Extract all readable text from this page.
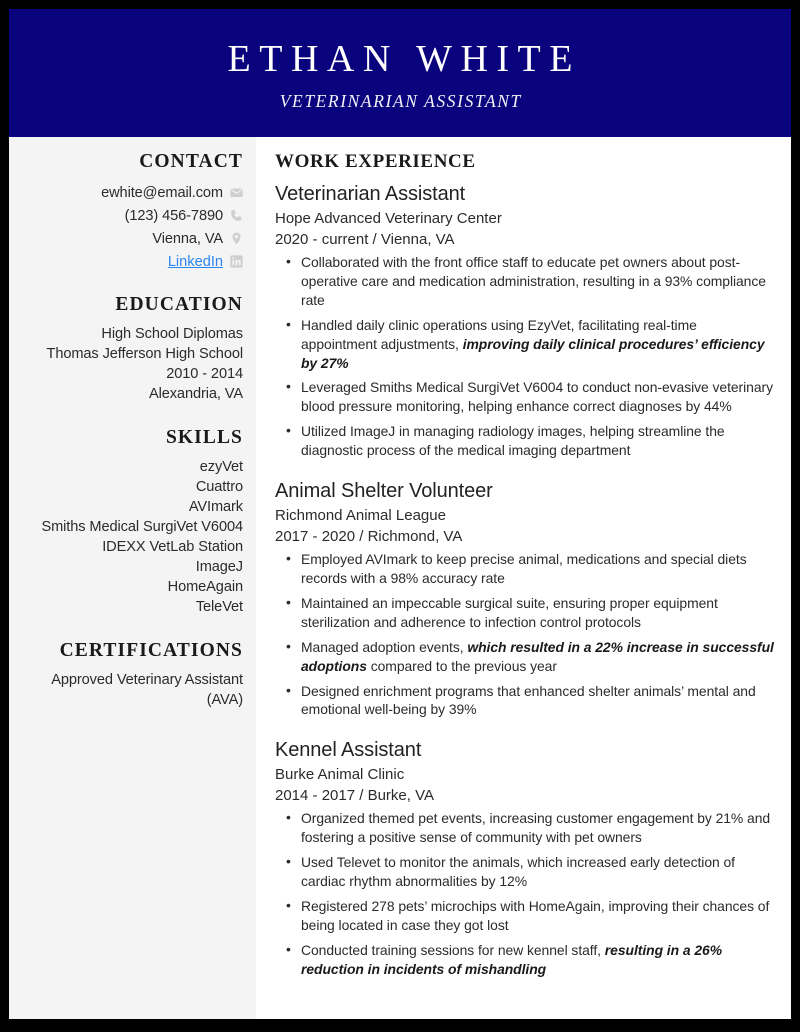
ETHAN WHITE
VETERINARIAN ASSISTANT
CONTACT
ewhite@email.com
(123) 456-7890
Vienna, VA
LinkedIn
EDUCATION
High School Diplomas
Thomas Jefferson High School
2010 - 2014
Alexandria, VA
SKILLS
ezyVet
Cuattro
AVImark
Smiths Medical SurgiVet V6004
IDEXX VetLab Station
ImageJ
HomeAgain
TeleVet
CERTIFICATIONS
Approved Veterinary Assistant (AVA)
WORK EXPERIENCE
Veterinarian Assistant
Hope Advanced Veterinary Center
2020 - current / Vienna, VA
• Collaborated with the front office staff to educate pet owners about post-operative care and medication administration, resulting in a 93% compliance rate
• Handled daily clinic operations using EzyVet, facilitating real-time appointment adjustments, improving daily clinical procedures’ efficiency by 27%
• Leveraged Smiths Medical SurgiVet V6004 to conduct non-evasive veterinary blood pressure monitoring, helping enhance correct diagnoses by 44%
• Utilized ImageJ in managing radiology images, helping streamline the diagnostic process of the medical imaging department
Animal Shelter Volunteer
Richmond Animal League
2017 - 2020 / Richmond, VA
• Employed AVImark to keep precise animal, medications and special diets records with a 98% accuracy rate
• Maintained an impeccable surgical suite, ensuring proper equipment sterilization and adherence to infection control protocols
• Managed adoption events, which resulted in a 22% increase in successful adoptions compared to the previous year
• Designed enrichment programs that enhanced shelter animals’ mental and emotional well-being by 39%
Kennel Assistant
Burke Animal Clinic
2014 - 2017 / Burke, VA
• Organized themed pet events, increasing customer engagement by 21% and fostering a positive sense of community with pet owners
• Used Televet to monitor the animals, which increased early detection of cardiac rhythm abnormalities by 12%
• Registered 278 pets’ microchips with HomeAgain, improving their chances of being located in case they got lost
• Conducted training sessions for new kennel staff, resulting in a 26% reduction in incidents of mishandling
